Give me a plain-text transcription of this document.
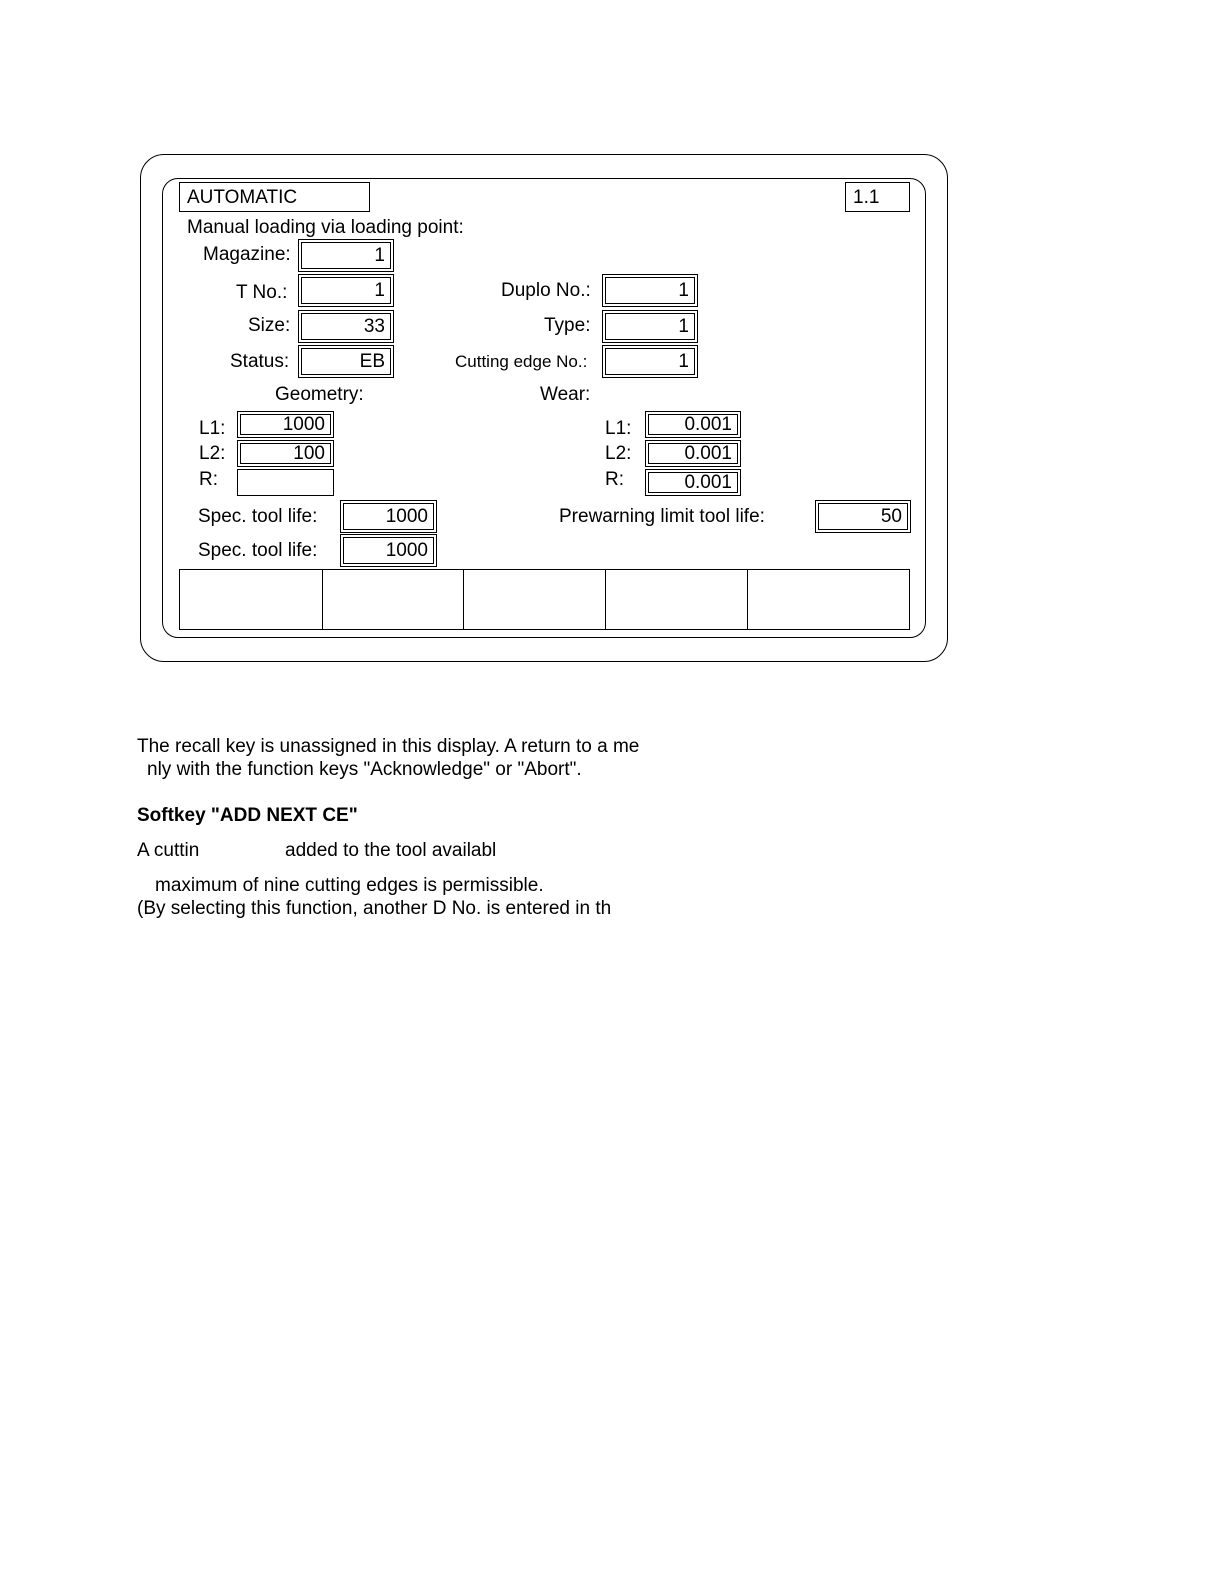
AUTOMATIC	1.1
Manual loading via loading point:
Magazine:	1
T No.:	1
Size:	33
Status:	EB
Duplo No.:	1
Type:	1
Cutting edge No.:	1
Geometry:
L1:	1000
L2:	100
R:
Wear:
L1:	0.001
L2:	0.001
R:	0.001
Spec. tool life:	1000
Spec. tool life:	1000
Prewarning limit tool life:	50
The recall key is unassigned in this display. A return to a me
nly with the function keys "Acknowledge" or "Abort".
Softkey "ADD NEXT CE"
A cuttin	added to the tool availabl
maximum of nine cutting edges is permissible.
(By selecting this function, another D No. is entered in th
